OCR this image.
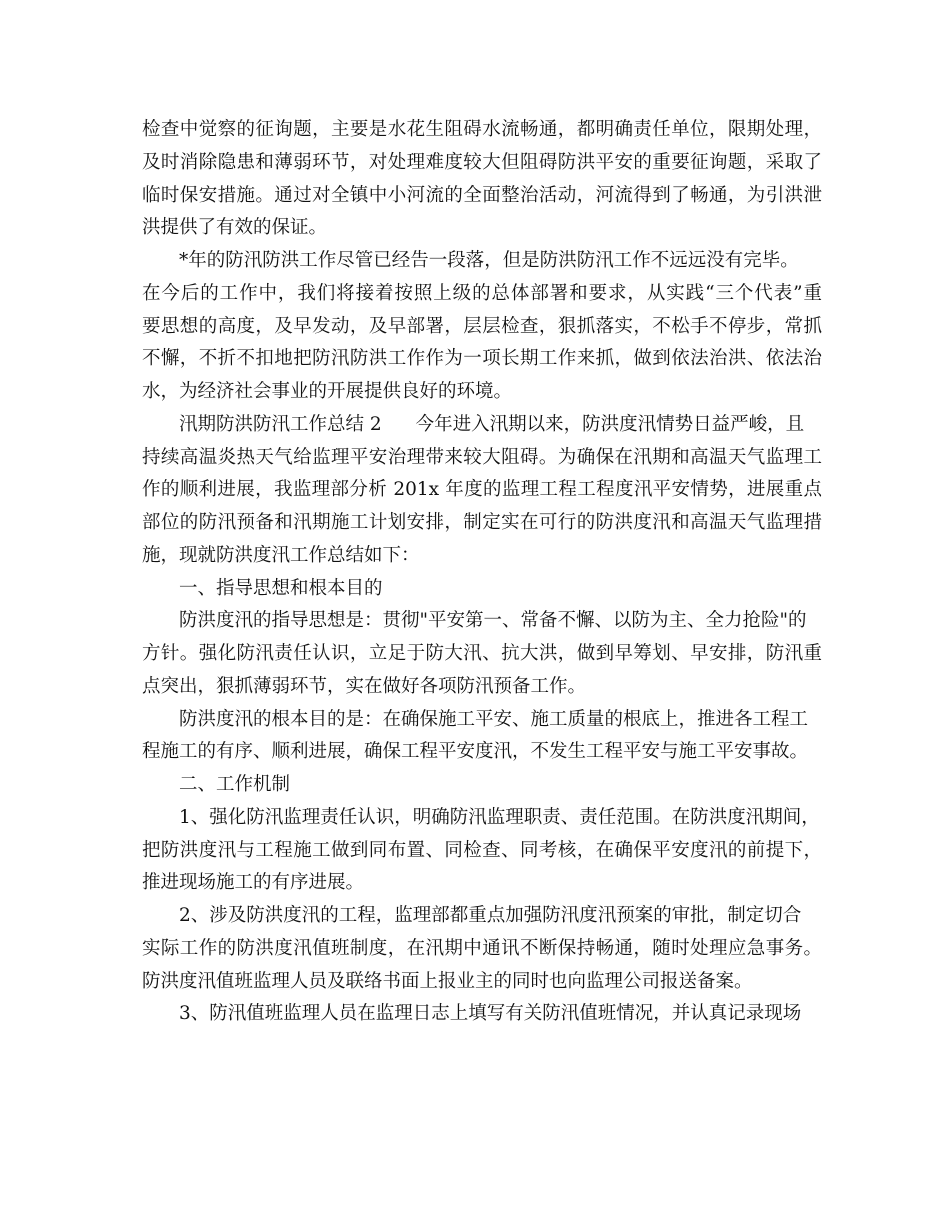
检查中觉察的征询题，主要是水花生阻碍水流畅通，都明确责任单位，限期处理，
及时消除隐患和薄弱环节，对处理难度较大但阻碍防洪平安的重要征询题，采取了
临时保安措施。通过对全镇中小河流的全面整治活动，河流得到了畅通，为引洪泄
洪提供了有效的保证。
*年的防汛防洪工作尽管已经告一段落，但是防洪防汛工作不远远没有完毕。
在今后的工作中，我们将接着按照上级的总体部署和要求，从实践“三个代表”重
要思想的高度，及早发动，及早部署，层层检查，狠抓落实，不松手不停步，常抓
不懈，不折不扣地把防汛防洪工作作为一项长期工作来抓，做到依法治洪、依法治
水，为经济社会事业的开展提供良好的环境。
汛期防洪防汛工作总结 2 今年进入汛期以来，防洪度汛情势日益严峻，且
持续高温炎热天气给监理平安治理带来较大阻碍。为确保在汛期和高温天气监理工
作的顺利进展，我监理部分析 201x 年度的监理工程工程度汛平安情势，进展重点
部位的防汛预备和汛期施工计划安排，制定实在可行的防洪度汛和高温天气监理措
施，现就防洪度汛工作总结如下：
一、指导思想和根本目的
防洪度汛的指导思想是：贯彻"平安第一、常备不懈、以防为主、全力抢险"的
方针。强化防汛责任认识，立足于防大汛、抗大洪，做到早筹划、早安排，防汛重
点突出，狠抓薄弱环节，实在做好各项防汛预备工作。
防洪度汛的根本目的是：在确保施工平安、施工质量的根底上，推进各工程工
程施工的有序、顺利进展，确保工程平安度汛，不发生工程平安与施工平安事故。
二、工作机制
1、强化防汛监理责任认识，明确防汛监理职责、责任范围。在防洪度汛期间，
把防洪度汛与工程施工做到同布置、同检查、同考核，在确保平安度汛的前提下，
推进现场施工的有序进展。
2、涉及防洪度汛的工程，监理部都重点加强防汛度汛预案的审批，制定切合
实际工作的防洪度汛值班制度，在汛期中通讯不断保持畅通，随时处理应急事务。
防洪度汛值班监理人员及联络书面上报业主的同时也向监理公司报送备案。
3、防汛值班监理人员在监理日志上填写有关防汛值班情况，并认真记录现场
